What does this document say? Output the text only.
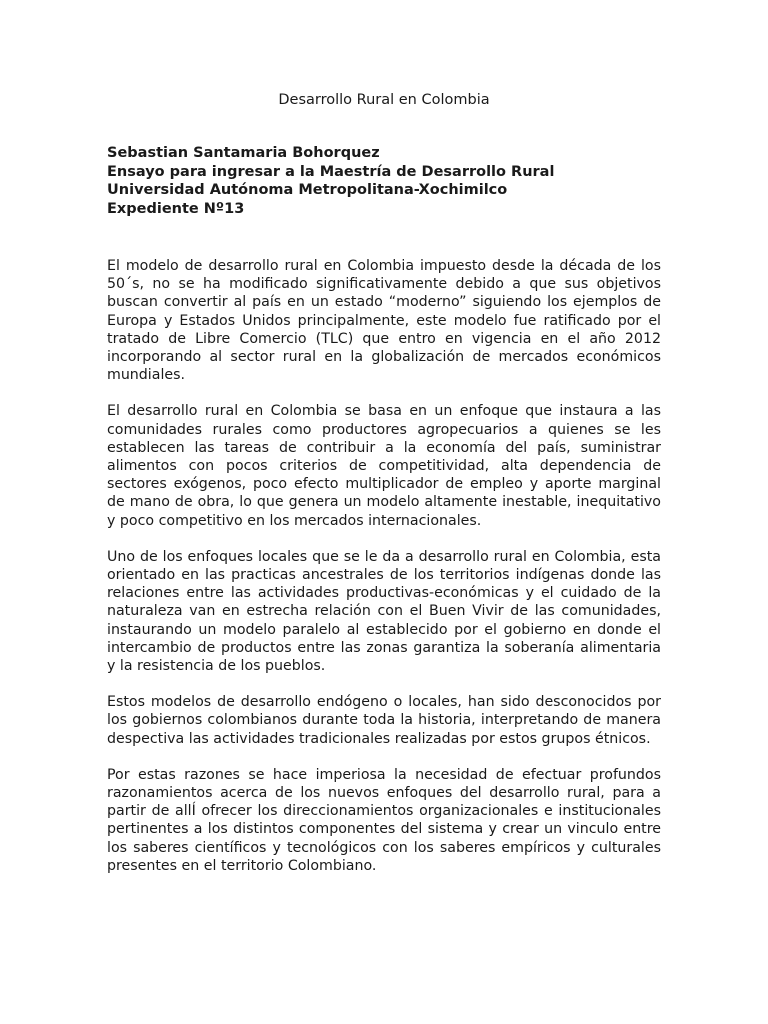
Desarrollo Rural en Colombia
Sebastian Santamaria Bohorquez
Ensayo para ingresar a la Maestría de Desarrollo Rural
Universidad Autónoma Metropolitana-Xochimilco
Expediente Nº13

El modelo de desarrollo rural en Colombia impuesto desde la década de los 50´s, no se ha modificado significativamente debido a que sus objetivos buscan convertir al país en un estado “moderno” siguiendo los ejemplos de Europa y Estados Unidos principalmente, este modelo fue ratificado por el tratado de Libre Comercio (TLC) que entro en vigencia en el año 2012 incorporando al sector rural en la globalización de mercados económicos mundiales.

El desarrollo rural en Colombia se basa en un enfoque que instaura a las comunidades rurales como productores agropecuarios a quienes se les establecen las tareas de contribuir a la economía del país, suministrar alimentos con pocos criterios de competitividad, alta dependencia de sectores exógenos, poco efecto multiplicador de empleo y aporte marginal de mano de obra, lo que genera un modelo altamente inestable, inequitativo y poco competitivo en los mercados internacionales.

Uno de los enfoques locales que se le da a desarrollo rural en Colombia, esta orientado en las practicas ancestrales de los territorios indígenas donde las relaciones entre las actividades productivas-económicas y el cuidado de la naturaleza van en estrecha relación con el Buen Vivir de las comunidades, instaurando un modelo paralelo al establecido por el gobierno en donde el intercambio de productos entre las zonas garantiza la soberanía alimentaria y la resistencia de los pueblos.

Estos modelos de desarrollo endógeno o locales, han sido desconocidos por los gobiernos colombianos durante toda la historia, interpretando de manera despectiva las actividades tradicionales realizadas por estos grupos étnicos.

Por estas razones se hace imperiosa la necesidad de efectuar profundos razonamientos acerca de los nuevos enfoques del desarrollo rural, para a partir de allÍ ofrecer los direccionamientos organizacionales e institucionales pertinentes a los distintos componentes del sistema y crear un vinculo entre los saberes científicos y tecnológicos con los saberes empíricos y culturales presentes en el territorio Colombiano.
